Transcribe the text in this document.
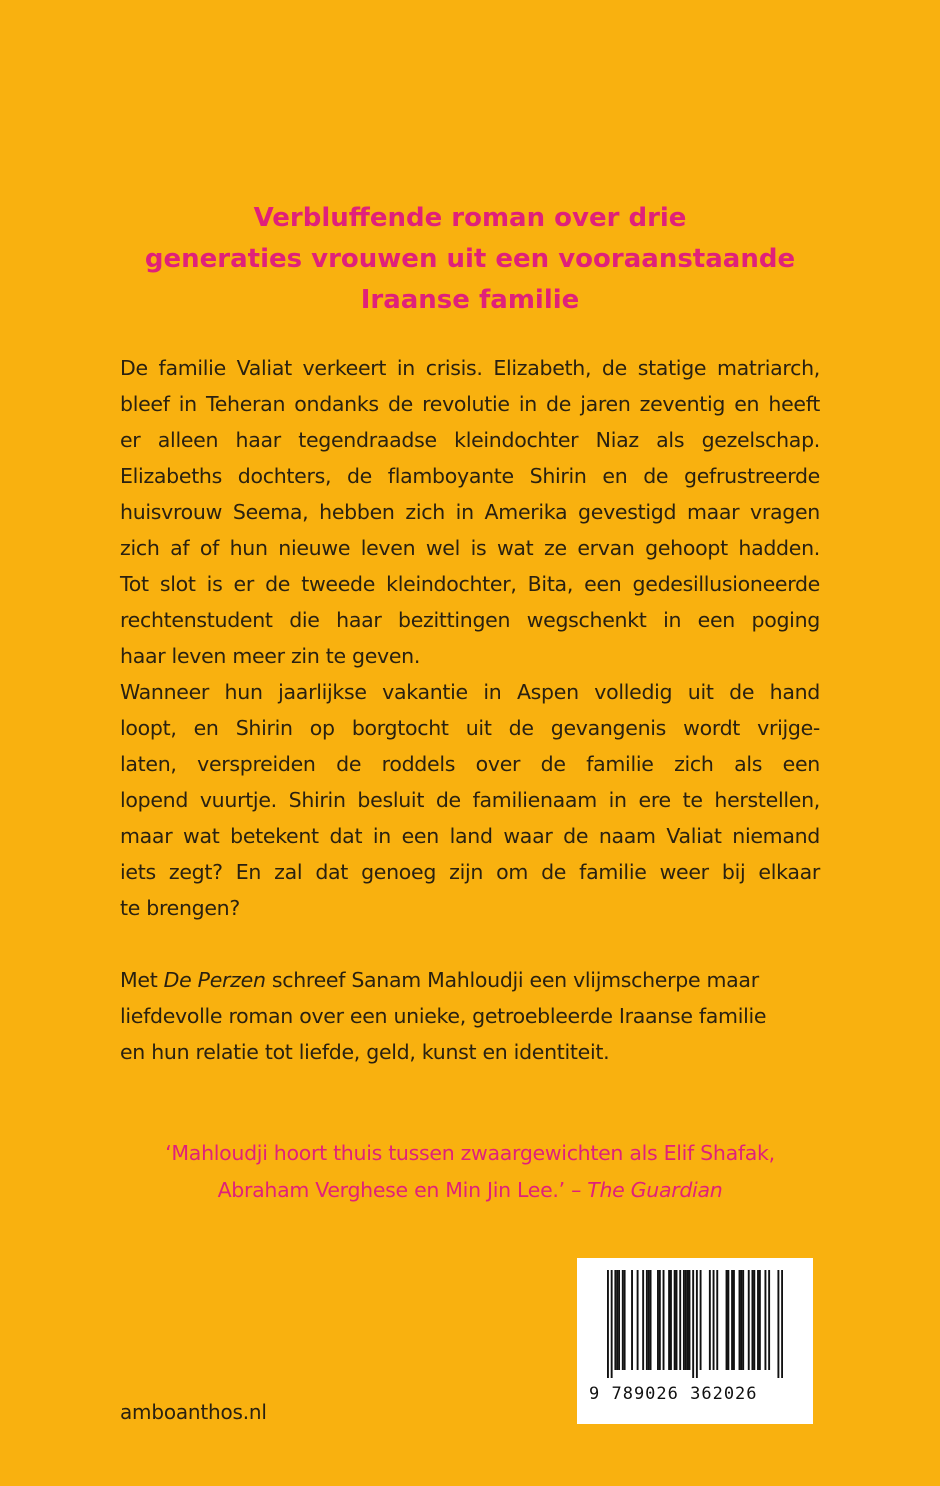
Verbluffende roman over drie
generaties vrouwen uit een vooraanstaande
Iraanse familie
De familie Valiat verkeert in crisis. Elizabeth, de statige matriarch,
bleef in Teheran ondanks de revolutie in de jaren zeventig en heeft
er alleen haar tegendraadse kleindochter Niaz als gezelschap.
Elizabeths dochters, de flamboyante Shirin en de gefrustreerde
huisvrouw Seema, hebben zich in Amerika gevestigd maar vragen
zich af of hun nieuwe leven wel is wat ze ervan gehoopt hadden.
Tot slot is er de tweede kleindochter, Bita, een gedesillusioneerde
rechtenstudent die haar bezittingen wegschenkt in een poging
haar leven meer zin te geven.
Wanneer hun jaarlijkse vakantie in Aspen volledig uit de hand
loopt, en Shirin op borgtocht uit de gevangenis wordt vrijge-
laten, verspreiden de roddels over de familie zich als een
lopend vuurtje. Shirin besluit de familienaam in ere te herstellen,
maar wat betekent dat in een land waar de naam Valiat niemand
iets zegt? En zal dat genoeg zijn om de familie weer bij elkaar
te brengen?
Met De Perzen schreef Sanam Mahloudji een vlijmscherpe maar
liefdevolle roman over een unieke, getroebleerde Iraanse familie
en hun relatie tot liefde, geld, kunst en identiteit.
‘Mahloudji hoort thuis tussen zwaargewichten als Elif Shafak,
Abraham Verghese en Min Jin Lee.’ – The Guardian
amboanthos.nl
9 789026 362026
